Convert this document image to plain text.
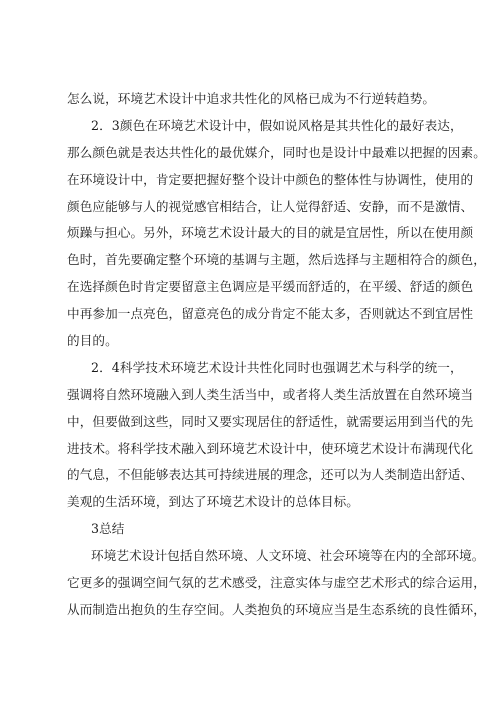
怎么说，环境艺术设计中追求共性化的风格已成为不行逆转趋势。
2．3颜色在环境艺术设计中，假如说风格是其共性化的最好表达，
那么颜色就是表达共性化的最优媒介，同时也是设计中最难以把握的因素。
在环境设计中，肯定要把握好整个设计中颜色的整体性与协调性，使用的
颜色应能够与人的视觉感官相结合，让人觉得舒适、安静，而不是激情、
烦躁与担心。另外，环境艺术设计最大的目的就是宜居性，所以在使用颜
色时，首先要确定整个环境的基调与主题，然后选择与主题相符合的颜色，
在选择颜色时肯定要留意主色调应是平缓而舒适的，在平缓、舒适的颜色
中再参加一点亮色，留意亮色的成分肯定不能太多，否则就达不到宜居性
的目的。
2．4科学技术环境艺术设计共性化同时也强调艺术与科学的统一，
强调将自然环境融入到人类生活当中，或者将人类生活放置在自然环境当
中，但要做到这些，同时又要实现居住的舒适性，就需要运用到当代的先
进技术。将科学技术融入到环境艺术设计中，使环境艺术设计布满现代化
的气息，不但能够表达其可持续进展的理念，还可以为人类制造出舒适、
美观的生活环境，到达了环境艺术设计的总体目标。
3总结
环境艺术设计包括自然环境、人文环境、社会环境等在内的全部环境。
它更多的强调空间气氛的艺术感受，注意实体与虚空艺术形式的综合运用，
从而制造出抱负的生存空间。人类抱负的环境应当是生态系统的良性循环，
